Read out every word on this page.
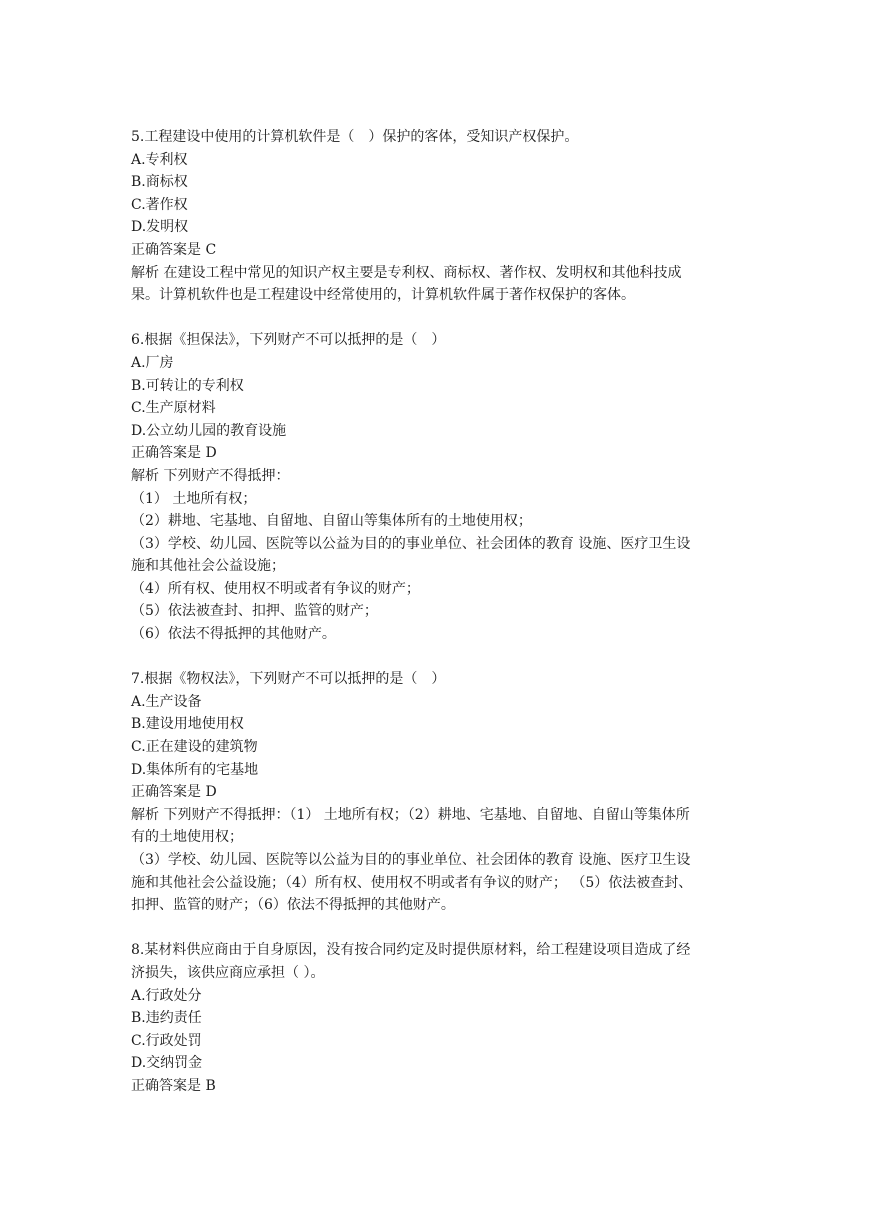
5.工程建设中使用的计算机软件是（　）保护的客体，受知识产权保护。
A.专利权
B.商标权
C.著作权
D.发明权
正确答案是 C
解析 在建设工程中常见的知识产权主要是专利权、商标权、著作权、发明权和其他科技成
果。计算机软件也是工程建设中经常使用的，计算机软件属于著作权保护的客体。
6.根据《担保法》，下列财产不可以抵押的是（　）
A.厂房
B.可转让的专利权
C.生产原材料
D.公立幼儿园的教育设施
正确答案是 D
解析 下列财产不得抵押：
（1） 土地所有权；
（2）耕地、宅基地、自留地、自留山等集体所有的土地使用权；
（3）学校、幼儿园、医院等以公益为目的的事业单位、社会团体的教育 设施、医疗卫生设
施和其他社会公益设施；
（4）所有权、使用权不明或者有争议的财产；
（5）依法被查封、扣押、监管的财产；
（6）依法不得抵押的其他财产。
7.根据《物权法》，下列财产不可以抵押的是（　）
A.生产设备
B.建设用地使用权
C.正在建设的建筑物
D.集体所有的宅基地
正确答案是 D
解析 下列财产不得抵押：（1） 土地所有权；（2）耕地、宅基地、自留地、自留山等集体所
有的土地使用权；
（3）学校、幼儿园、医院等以公益为目的的事业单位、社会团体的教育 设施、医疗卫生设
施和其他社会公益设施；（4）所有权、使用权不明或者有争议的财产； （5）依法被查封、
扣押、监管的财产；（6）依法不得抵押的其他财产。
8.某材料供应商由于自身原因，没有按合同约定及时提供原材料，给工程建设项目造成了经
济损失，该供应商应承担（ ）。
A.行政处分
B.违约责任
C.行政处罚
D.交纳罚金
正确答案是 B
